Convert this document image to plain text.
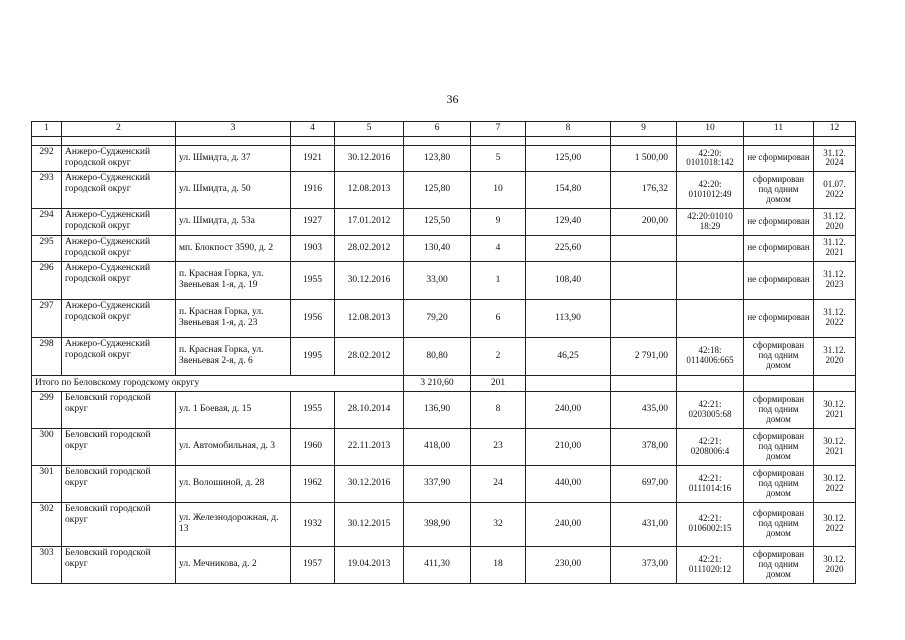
36
1	2	3	4	5	6	7	8	9	10	11	12

292	Анжеро-Судженский городской округ	ул. Шмидта, д. 37	1921	30.12.2016	123,80	5	125,00	1 500,00	42:20: 0101018:142	не сформирован	31.12. 2024
293	Анжеро-Судженский городской округ	ул. Шмидта, д. 50	1916	12.08.2013	125,80	10	154,80	176,32	42:20: 0101012:49	сформирован под одним домом	01.07. 2022
294	Анжеро-Судженский городской округ	ул. Шмидта, д. 53а	1927	17.01.2012	125,50	9	129,40	200,00	42:20:01010 18:29	не сформирован	31.12. 2020
295	Анжеро-Судженский городской округ	мп. Блокпост 3590, д. 2	1903	28.02.2012	130,40	4	225,60			не сформирован	31.12. 2021
296	Анжеро-Судженский городской округ	п. Красная Горка, ул. Звеньевая 1-я, д. 19	1955	30.12.2016	33,00	1	108,40			не сформирован	31.12. 2023
297	Анжеро-Судженский городской округ	п. Красная Горка, ул. Звеньевая 1-я, д. 23	1956	12.08.2013	79,20	6	113,90			не сформирован	31.12. 2022
298	Анжеро-Судженский городской округ	п. Красная Горка, ул. Звеньевая 2-я, д. 6	1995	28.02.2012	80,80	2	46,25	2 791,00	42:18: 0114006:665	сформирован под одним домом	31.12. 2020
Итого по Беловскому городскому округу					3 210,60	201					
299	Беловский городской округ	ул. 1 Боевая, д. 15	1955	28.10.2014	136,90	8	240,00	435,00	42:21: 0203005:68	сформирован под одним домом	30.12. 2021
300	Беловский городской округ	ул. Автомобильная, д. 3	1960	22.11.2013	418,00	23	210,00	378,00	42:21: 0208006:4	сформирован под одним домом	30.12. 2021
301	Беловский городской округ	ул. Волошиной, д. 28	1962	30.12.2016	337,90	24	440,00	697,00	42:21: 0111014:16	сформирован под одним домом	30.12. 2022
302	Беловский городской округ	ул. Железнодорожная, д. 13	1932	30.12.2015	398,90	32	240,00	431,00	42:21: 0106002:15	сформирован под одним домом	30.12. 2022
303	Беловский городской округ	ул. Мечникова, д. 2	1957	19.04.2013	411,30	18	230,00	373,00	42:21: 0111020:12	сформирован под одним домом	30.12. 2020
